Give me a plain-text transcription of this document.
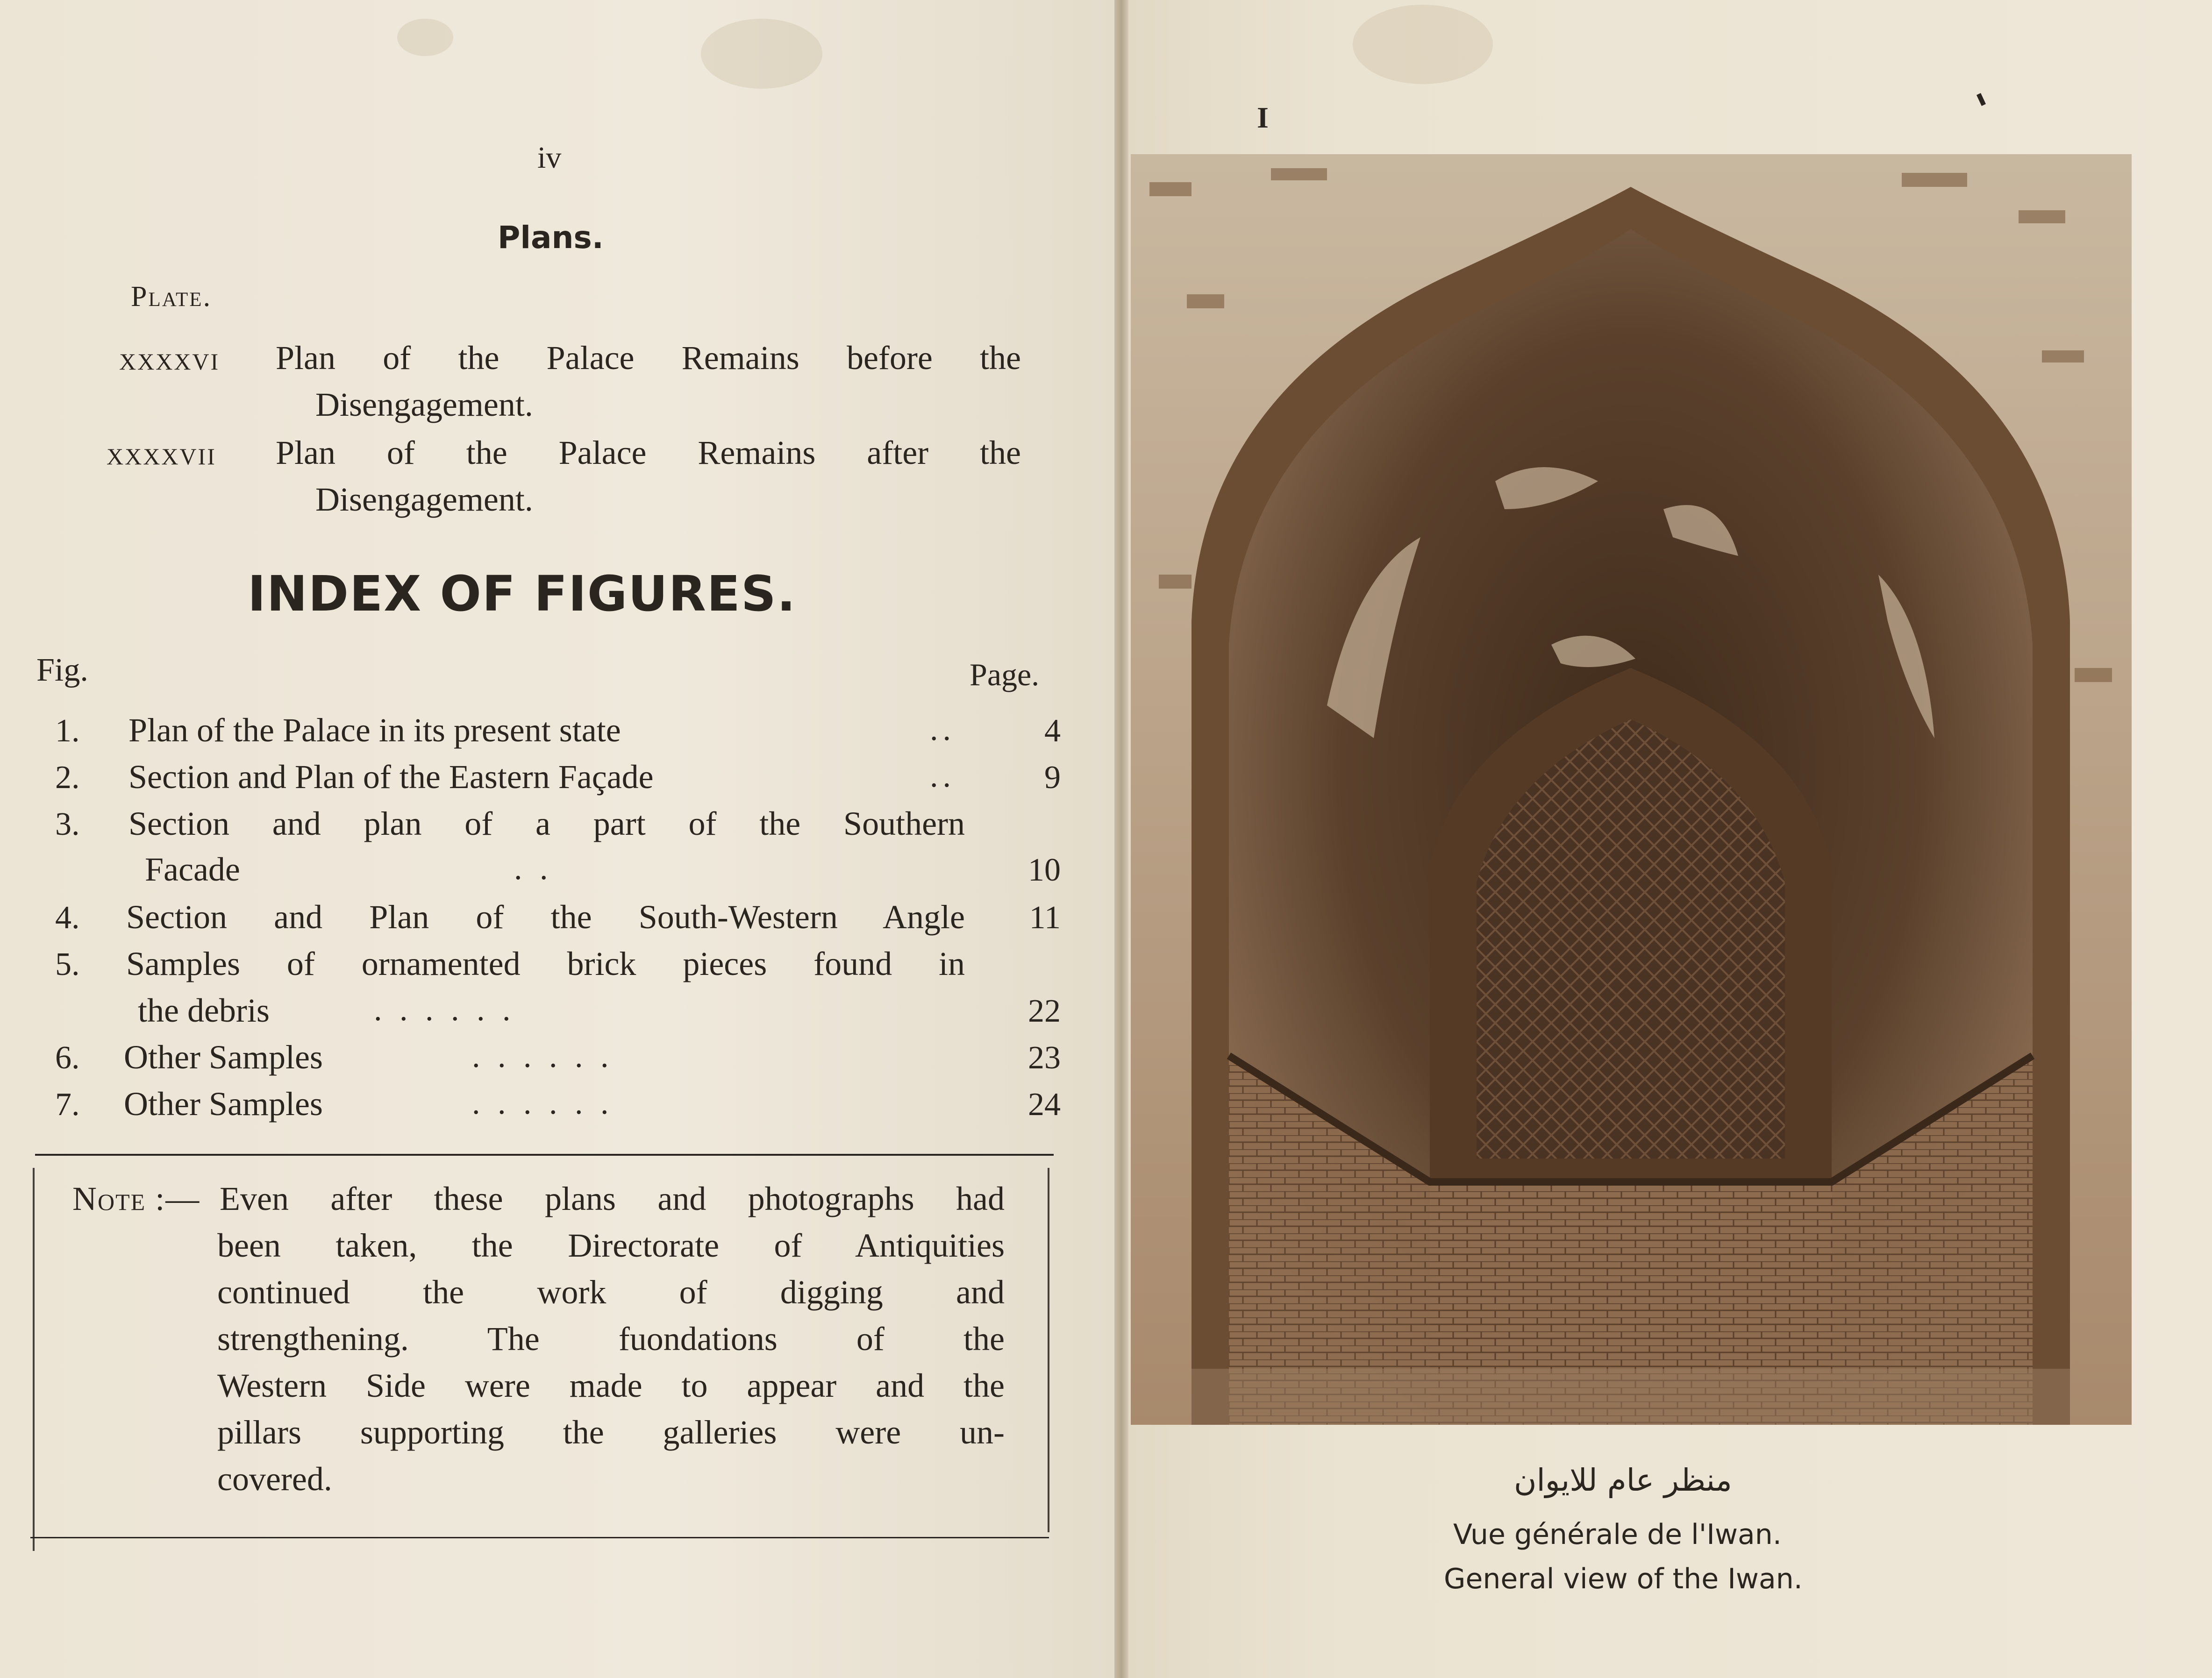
iv
Plans.
Plate.
XXXXVI Plan of the Palace Remains before the
Disengagement.
XXXXVII Plan of the Palace Remains after the
Disengagement.
INDEX OF FIGURES.
Fig.	Page.
1. Plan of the Palace in its present state	..	4
2. Section and Plan of the Eastern Façade	..	9
3. Section and plan of a part of the Southern
Facade	. .	10
4. Section and Plan of the South-Western Angle	11
5. Samples of ornamented brick pieces found in
the debris	. . . . . .	22
6. Other Samples	. . . . . .	23
7. Other Samples	. . . . . .	24
Note :— Even after these plans and photographs had
been taken, the Directorate of Antiquities
continued the work of digging and
strengthening. The fuondations of the
Western Side were made to appear and the
pillars supporting the galleries were un-
covered.
I
منظر عام للايوان
Vue générale de l'Iwan.
General view of the Iwan.
